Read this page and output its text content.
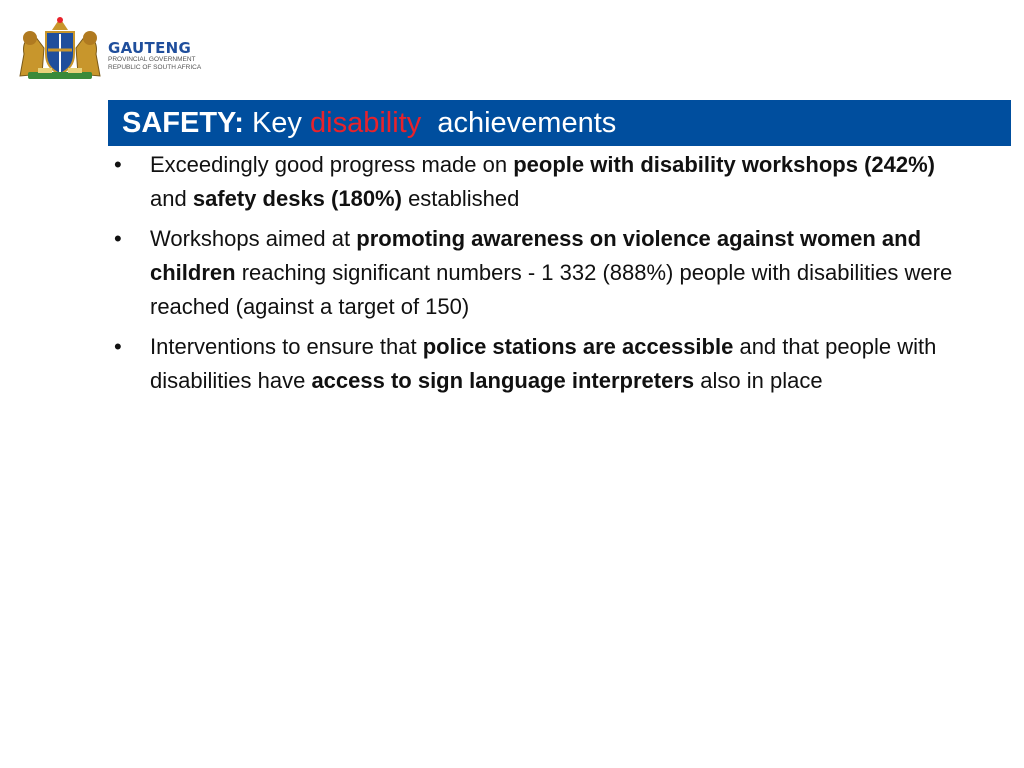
GAUTENG
PROVINCIAL GOVERNMENT
REPUBLIC OF SOUTH AFRICA
SAFETY: Key disability  achievements
• Exceedingly good progress made on people with disability workshops (242%) and safety desks (180%) established
• Workshops aimed at promoting awareness on violence against women and children reaching significant numbers - 1 332 (888%) people with disabilities were reached (against a target of 150)
• Interventions to ensure that police stations are accessible and that people with disabilities have access to sign language interpreters also in place
